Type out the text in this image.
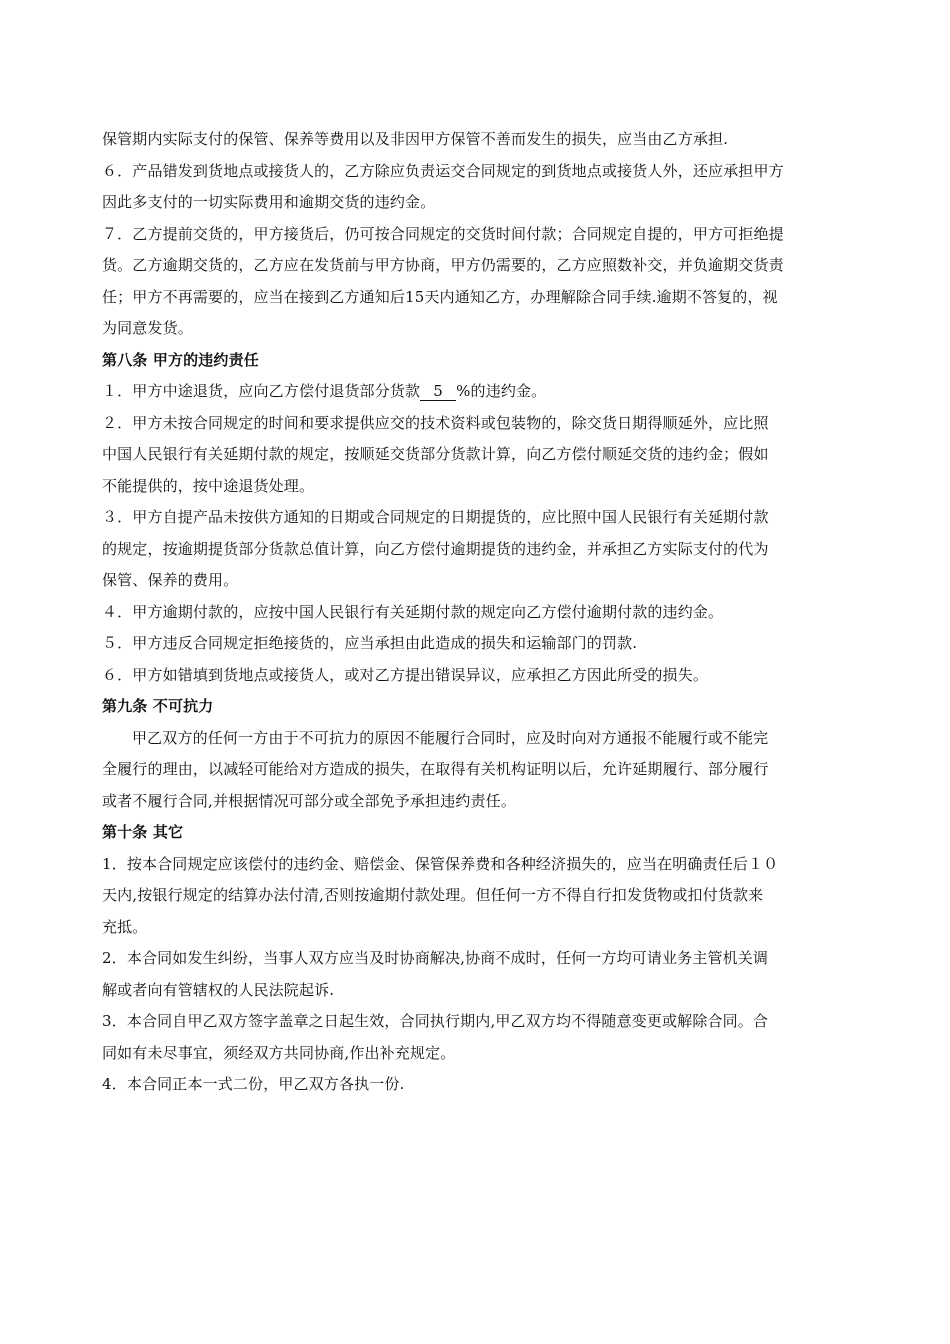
保管期内实际支付的保管、保养等费用以及非因甲方保管不善而发生的损失，应当由乙方承担.
６．产品错发到货地点或接货人的，乙方除应负责运交合同规定的到货地点或接货人外，还应承担甲方
因此多支付的一切实际费用和逾期交货的违约金。
７．乙方提前交货的，甲方接货后，仍可按合同规定的交货时间付款；合同规定自提的，甲方可拒绝提
货。乙方逾期交货的，乙方应在发货前与甲方协商，甲方仍需要的，乙方应照数补交，并负逾期交货责
任；甲方不再需要的，应当在接到乙方通知后15天内通知乙方，办理解除合同手续.逾期不答复的，视
为同意发货。
第八条 甲方的违约责任
１．甲方中途退货，应向乙方偿付退货部分货款 5 %的违约金。
２．甲方未按合同规定的时间和要求提供应交的技术资料或包装物的，除交货日期得顺延外，应比照
中国人民银行有关延期付款的规定，按顺延交货部分货款计算，向乙方偿付顺延交货的违约金；假如
不能提供的，按中途退货处理。
３．甲方自提产品未按供方通知的日期或合同规定的日期提货的，应比照中国人民银行有关延期付款
的规定，按逾期提货部分货款总值计算，向乙方偿付逾期提货的违约金，并承担乙方实际支付的代为
保管、保养的费用。
４．甲方逾期付款的，应按中国人民银行有关延期付款的规定向乙方偿付逾期付款的违约金。
５．甲方违反合同规定拒绝接货的，应当承担由此造成的损失和运输部门的罚款.
６．甲方如错填到货地点或接货人，或对乙方提出错误异议，应承担乙方因此所受的损失。
第九条 不可抗力
甲乙双方的任何一方由于不可抗力的原因不能履行合同时，应及时向对方通报不能履行或不能完
全履行的理由，以减轻可能给对方造成的损失，在取得有关机构证明以后，允许延期履行、部分履行
或者不履行合同,并根据情况可部分或全部免予承担违约责任。
第十条 其它
1．按本合同规定应该偿付的违约金、赔偿金、保管保养费和各种经济损失的，应当在明确责任后１０
天内,按银行规定的结算办法付清,否则按逾期付款处理。但任何一方不得自行扣发货物或扣付货款来
充抵。
2．本合同如发生纠纷，当事人双方应当及时协商解决,协商不成时，任何一方均可请业务主管机关调
解或者向有管辖权的人民法院起诉.
3．本合同自甲乙双方签字盖章之日起生效，合同执行期内,甲乙双方均不得随意变更或解除合同。合
同如有未尽事宜，须经双方共同协商,作出补充规定。
4．本合同正本一式二份，甲乙双方各执一份.
